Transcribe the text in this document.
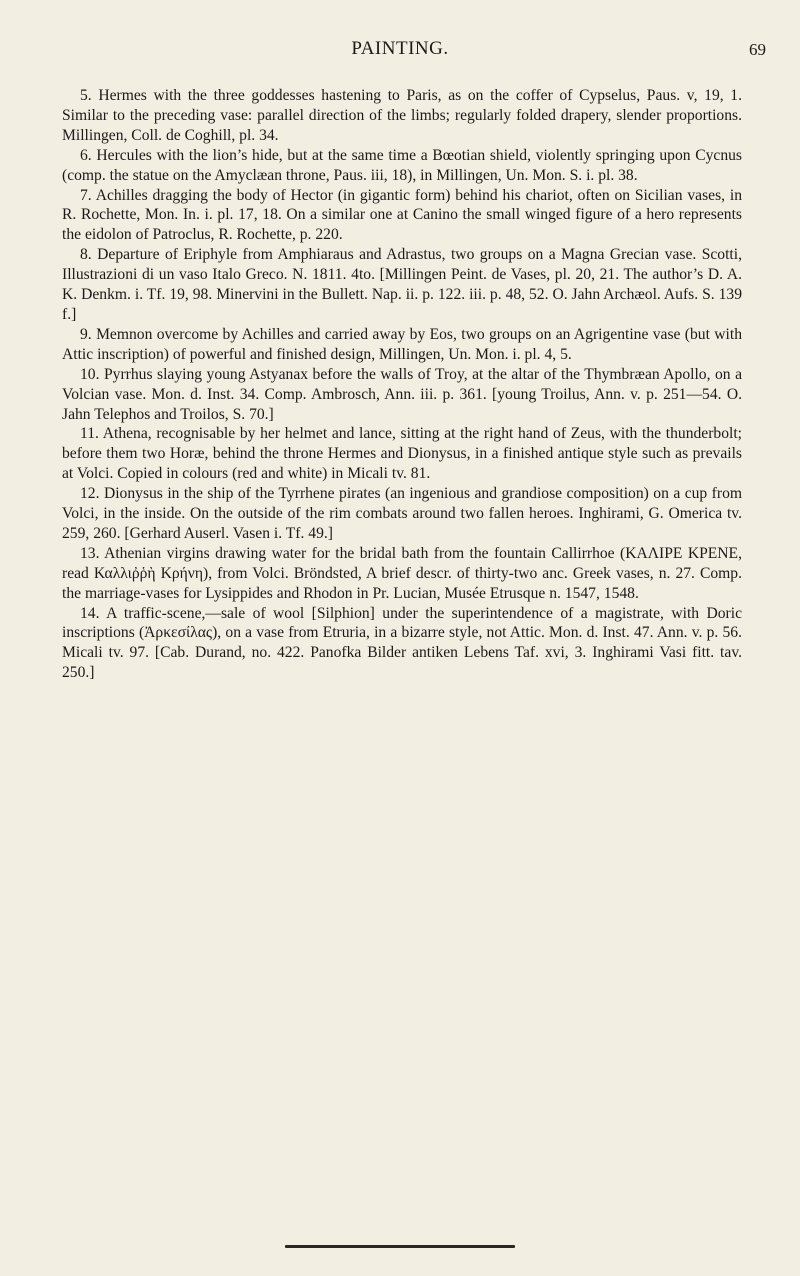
PAINTING.	69

5. Hermes with the three goddesses hastening to Paris, as on the coffer of Cypselus, Paus. v, 19, 1. Similar to the preceding vase: parallel direction of the limbs; regularly folded drapery, slender proportions. Millingen, Coll. de Coghill, pl. 34.

6. Hercules with the lion’s hide, but at the same time a Bœotian shield, violently springing upon Cycnus (comp. the statue on the Amyclæan throne, Paus. iii, 18), in Millingen, Un. Mon. S. i. pl. 38.

7. Achilles dragging the body of Hector (in gigantic form) behind his chariot, often on Sicilian vases, in R. Rochette, Mon. In. i. pl. 17, 18. On a similar one at Canino the small winged figure of a hero represents the eidolon of Patroclus, R. Rochette, p. 220.

8. Departure of Eriphyle from Amphiaraus and Adrastus, two groups on a Magna Grecian vase. Scotti, Illustrazioni di un vaso Italo Greco. N. 1811. 4to. [Millingen Peint. de Vases, pl. 20, 21. The author’s D. A. K. Denkm. i. Tf. 19, 98. Minervini in the Bullett. Nap. ii. p. 122. iii. p. 48, 52. O. Jahn Archæol. Aufs. S. 139 f.]

9. Memnon overcome by Achilles and carried away by Eos, two groups on an Agrigentine vase (but with Attic inscription) of powerful and finished design, Millingen, Un. Mon. i. pl. 4, 5.

10. Pyrrhus slaying young Astyanax before the walls of Troy, at the altar of the Thymbræan Apollo, on a Volcian vase. Mon. d. Inst. 34. Comp. Ambrosch, Ann. iii. p. 361. [young Troilus, Ann. v. p. 251—54. O. Jahn Telephos and Troilos, S. 70.]

11. Athena, recognisable by her helmet and lance, sitting at the right hand of Zeus, with the thunderbolt; before them two Horæ, behind the throne Hermes and Dionysus, in a finished antique style such as prevails at Volci. Copied in colours (red and white) in Micali tv. 81.

12. Dionysus in the ship of the Tyrrhene pirates (an ingenious and grandiose composition) on a cup from Volci, in the inside. On the outside of the rim combats around two fallen heroes. Inghirami, G. Omerica tv. 259, 260. [Gerhard Auserl. Vasen i. Tf. 49.]

13. Athenian virgins drawing water for the bridal bath from the fountain Callirrhoe (KAΛIPE KPENE, read Καλλιῤῥὴ Κρήνη), from Volci. Bröndsted, A brief descr. of thirty-two anc. Greek vases, n. 27. Comp. the marriage-vases for Lysippides and Rhodon in Pr. Lucian, Musée Etrusque n. 1547, 1548.

14. A traffic-scene,—sale of wool [Silphion] under the superintendence of a magistrate, with Doric inscriptions (Ἀρκεσίλας), on a vase from Etruria, in a bizarre style, not Attic. Mon. d. Inst. 47. Ann. v. p. 56. Micali tv. 97. [Cab. Durand, no. 422. Panofka Bilder antiken Lebens Taf. xvi, 3. Inghirami Vasi fitt. tav. 250.]
